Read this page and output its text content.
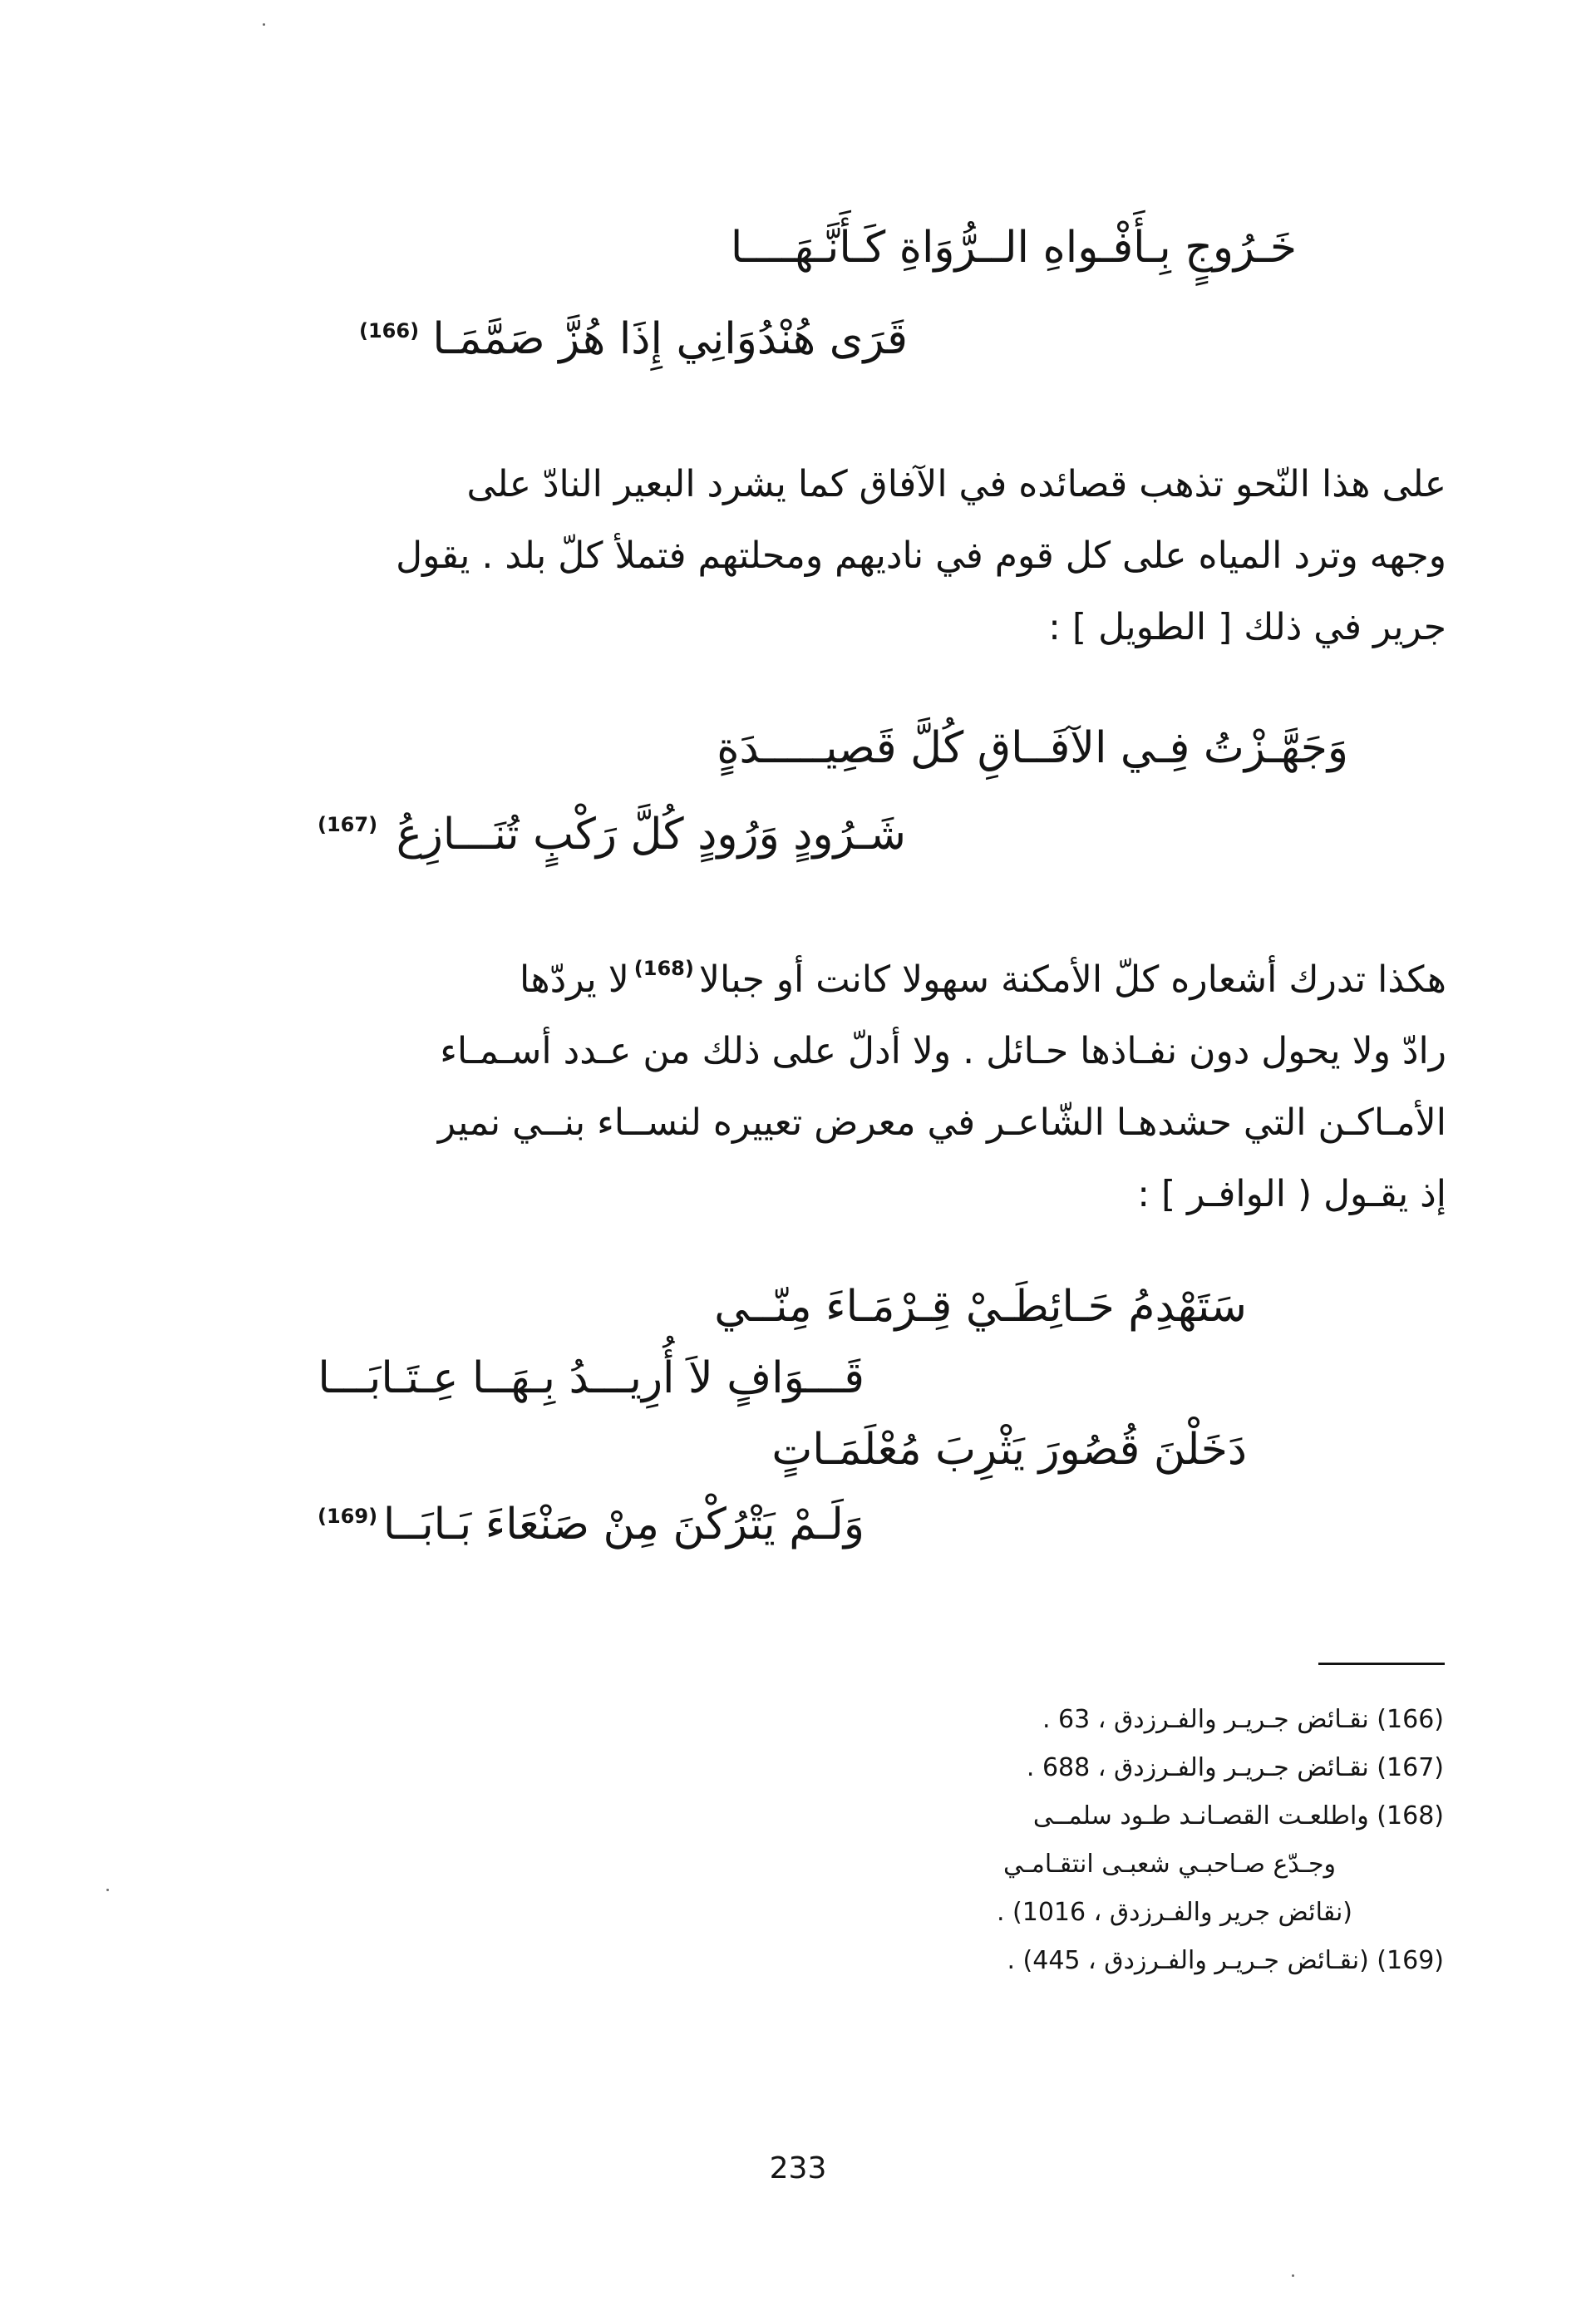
خَـرُوجٍ بِـأَفْـواهِ الــرُّوَاةِ كَـأَنَّـهَــــا
قَرَى هُنْدُوَانِي إِذَا هُزَّ صَمَّمَـا
(166)
على هذا النّحو تذهب قصائده في الآفاق كما يشرد البعير النادّ على
وجهه وترد المياه على كل قوم في ناديهم ومحلتهم فتملأ كلّ بلد . يقول
جرير في ذلك [ الطويل ] :
وَجَهَّـزْتُ فِـي الآفَــاقِ كُلَّ قَصِيـــــدَةٍ
شَـرُودٍ وَرُودٍ كُلَّ رَكْبٍ تُنَـــازِعُ
(167)
هكذا تدرك أشعاره كلّ الأمكنة سهولا كانت أو جبالا$^{(168)}$لا يردّها
رادّ ولا يحول دون نفـاذها حـائل . ولا أدلّ على ذلك من عـدد أسـمـاء
الأمـاكـن التي حشدهـا الشّاعـر في معرض تعييره لنســاء بنــي نمير
إذ يقـول ( الوافـر ] :
سَتَهْدِمُ حَـائِطَـيْ قِـرْمَـاءَ مِنّــي
قَـــوَافٍ لاَ أُرِيـــدُ بِـهَــا عِـتَـابَـــا
دَخَلْنَ قُصُورَ يَثْرِبَ مُعْلَمَـاتٍ
وَلَـمْ يَتْرُكْنَ مِنْ صَنْعَاءَ بَـابَــا
(169)
(166) نقـائض جـريـر والفـرزدق ، 63 .
(167) نقـائض جـريـر والفـرزدق ، 688 .
(168) واطلعـت القصـانـد طـود سلمــى
وجـدّع صـاحبـي شعبـى انتقـامـي
(نقائض جرير والفـرزدق ، 1016) .
(169) (نقـائض جـريـر والفـرزدق ، 445) .
233
